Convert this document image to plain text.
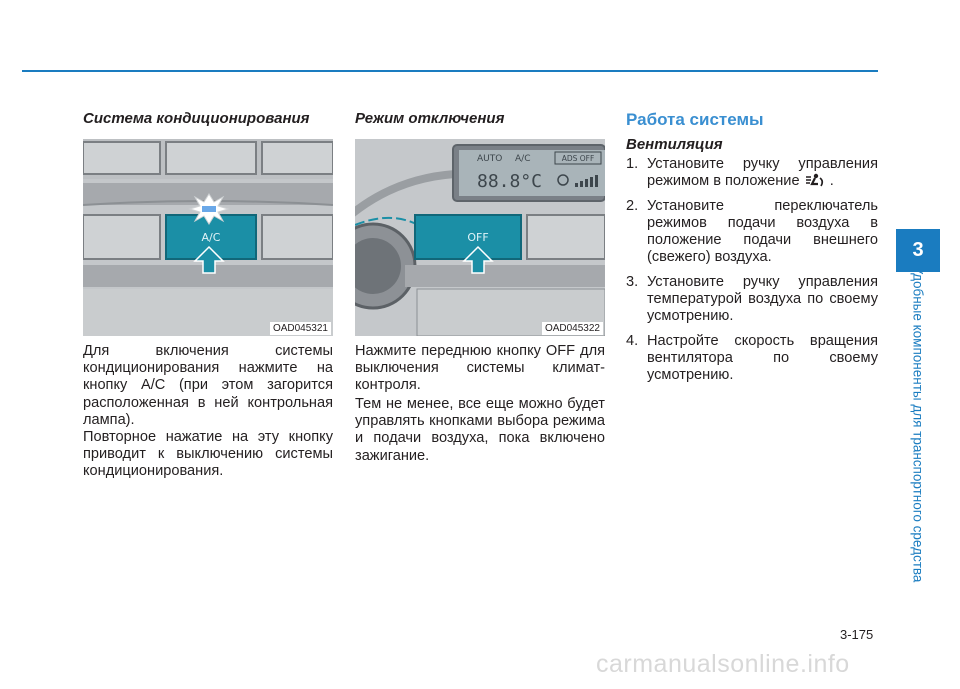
Система кондиционирования
A/C
OAD045321

Для включения системы кондиционирования нажмите на кнопку A/C (при этом загорится расположенная в ней контрольная лампа).

Повторное нажатие на эту кнопку приводит к выключению системы кондиционирования.

Режим отключения
AUTO A/C	ADS OFF
88.8°C
OFF
OAD045322

Нажмите переднюю кнопку OFF для выключения системы климат-контроля.

Тем не менее, все еще можно будет управлять кнопками выбора режима и подачи воздуха, пока включено зажигание.

Работа системы
Вентиляция
1. Установите ручку управления режимом в положение .
2. Установите переключатель режимов подачи воздуха в положение подачи внешнего (свежего) воздуха.
3. Установите ручку управления температурой воздуха по своему усмотрению.
4. Настройте скорость вращения вентилятора по своему усмотрению.
3
Удобные компоненты для транспортного средства
3-175
carmanualsonline.info
